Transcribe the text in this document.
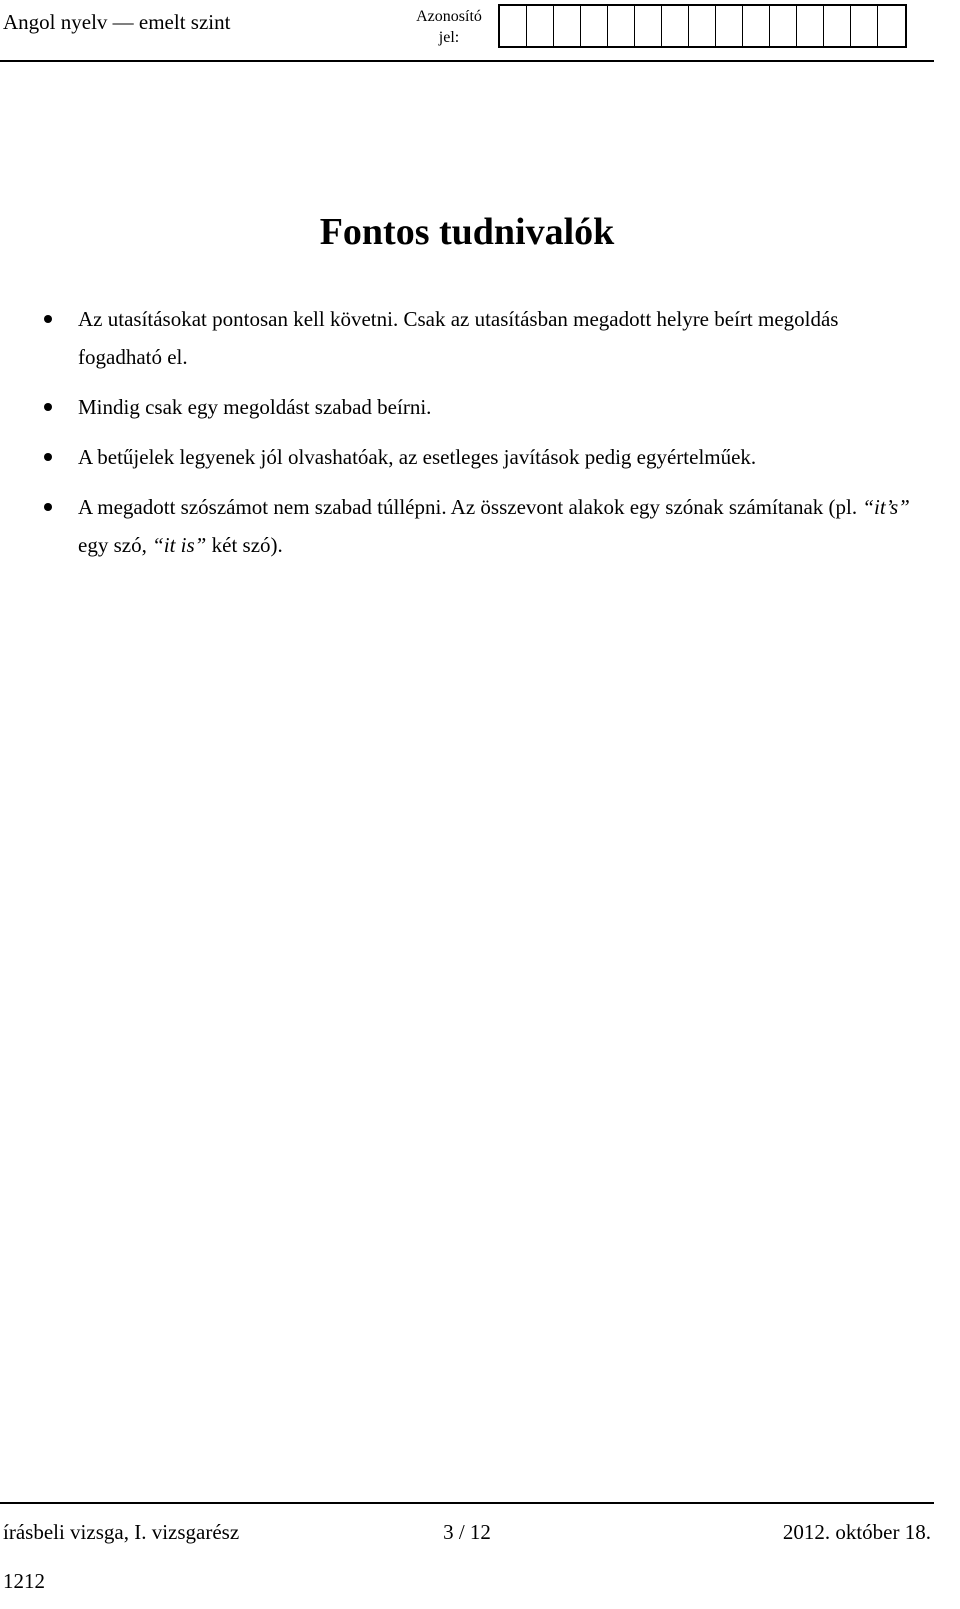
Angol nyelv — emelt szint	Azonosító
jel:
Fontos tudnivalók
Az utasításokat pontosan kell követni. Csak az utasításban megadott helyre beírt megoldás fogadható el.
Mindig csak egy megoldást szabad beírni.
A betűjelek legyenek jól olvashatóak, az esetleges javítások pedig egyértelműek.
A megadott szószámot nem szabad túllépni. Az összevont alakok egy szónak számítanak (pl. “it’s” egy szó, “it is” két szó).
írásbeli vizsga, I. vizsgarész	3 / 12	2012. október 18.
1212
